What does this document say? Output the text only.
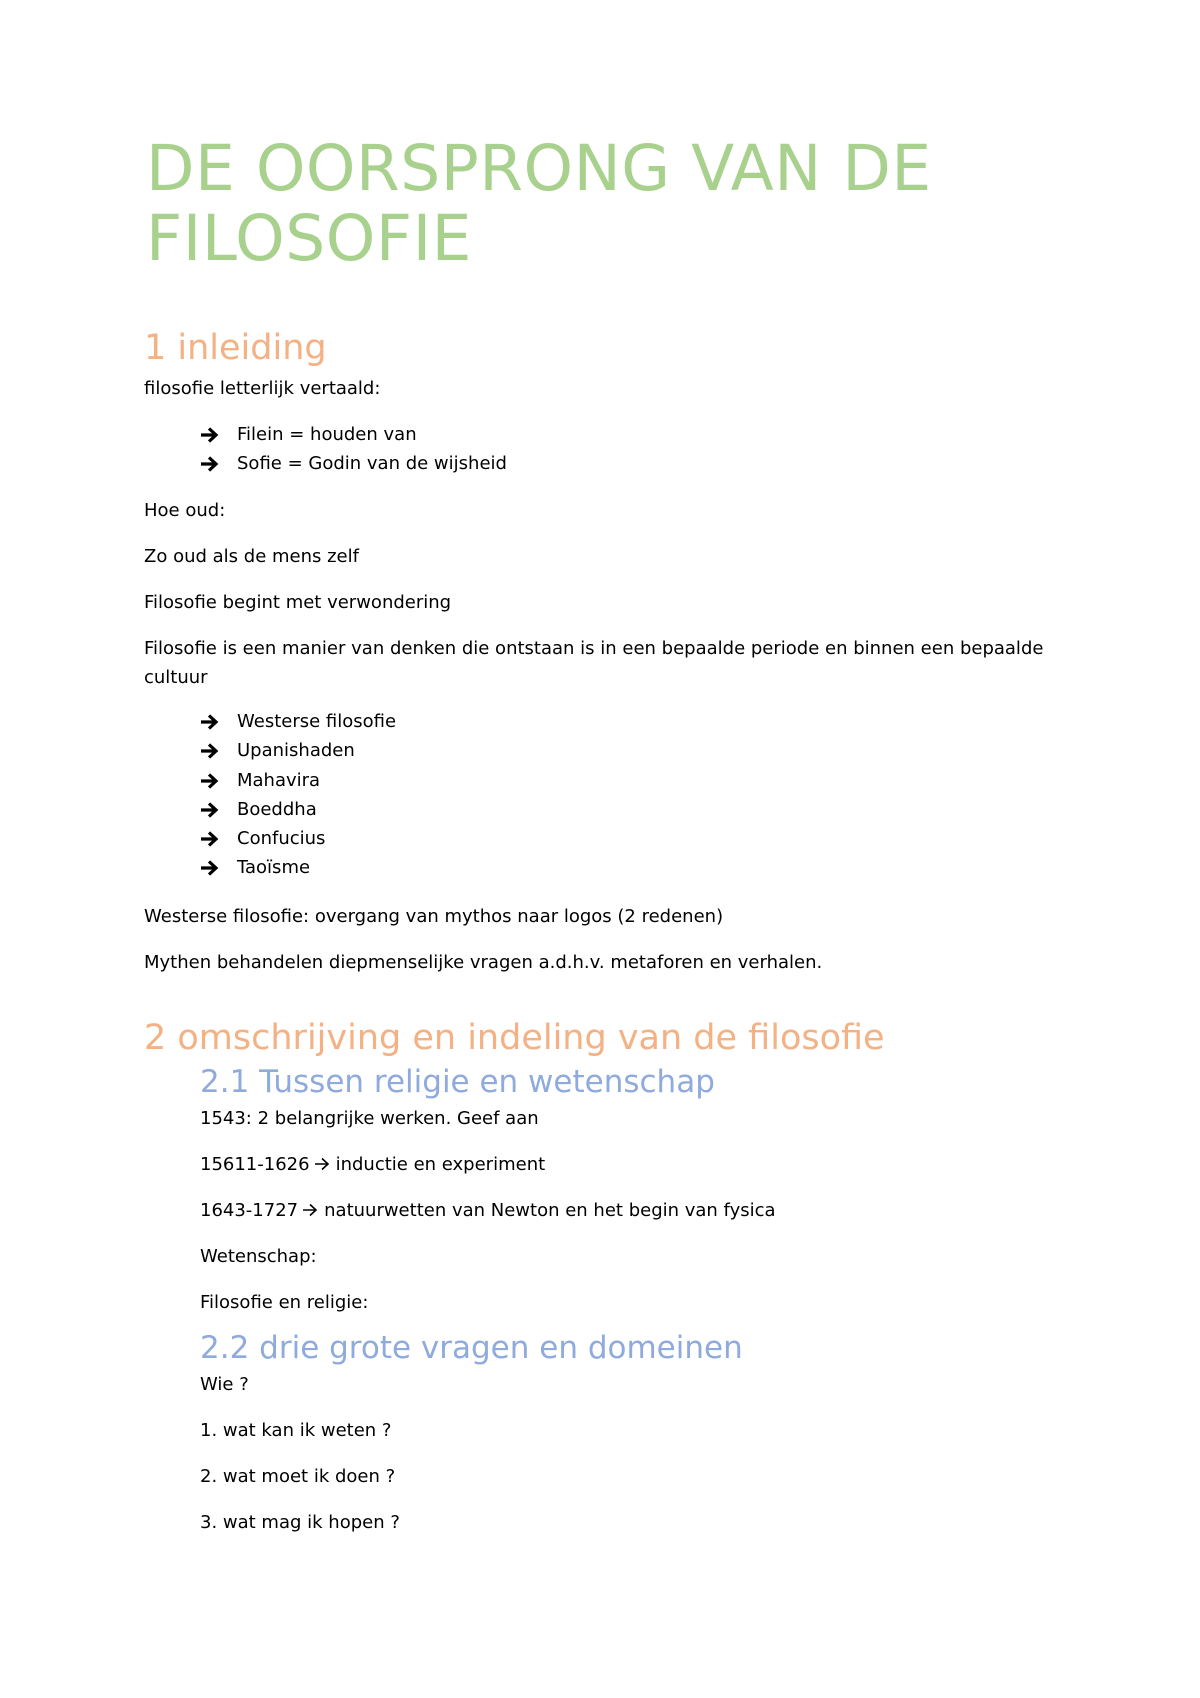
DE OORSPRONG VAN DE FILOSOFIE
1 inleiding

filosofie letterlijk vertaald:

Filein = houden van
Sofie = Godin van de wijsheid

Hoe oud:

Zo oud als de mens zelf

Filosofie begint met verwondering

Filosofie is een manier van denken die ontstaan is in een bepaalde periode en binnen een bepaalde cultuur

Westerse filosofie
Upanishaden
Mahavira
Boeddha
Confucius
Taoïsme

Westerse filosofie: overgang van mythos naar logos (2 redenen)

Mythen behandelen diepmenselijke vragen a.d.h.v. metaforen en verhalen.

2 omschrijving en indeling van de filosofie
2.1 Tussen religie en wetenschap

1543: 2 belangrijke werken. Geef aan

15611-1626 inductie en experiment

1643-1727 natuurwetten van Newton en het begin van fysica

Wetenschap:

Filosofie en religie:

2.2 drie grote vragen en domeinen

Wie ?

1. wat kan ik weten ?

2. wat moet ik doen ?

3. wat mag ik hopen ?
